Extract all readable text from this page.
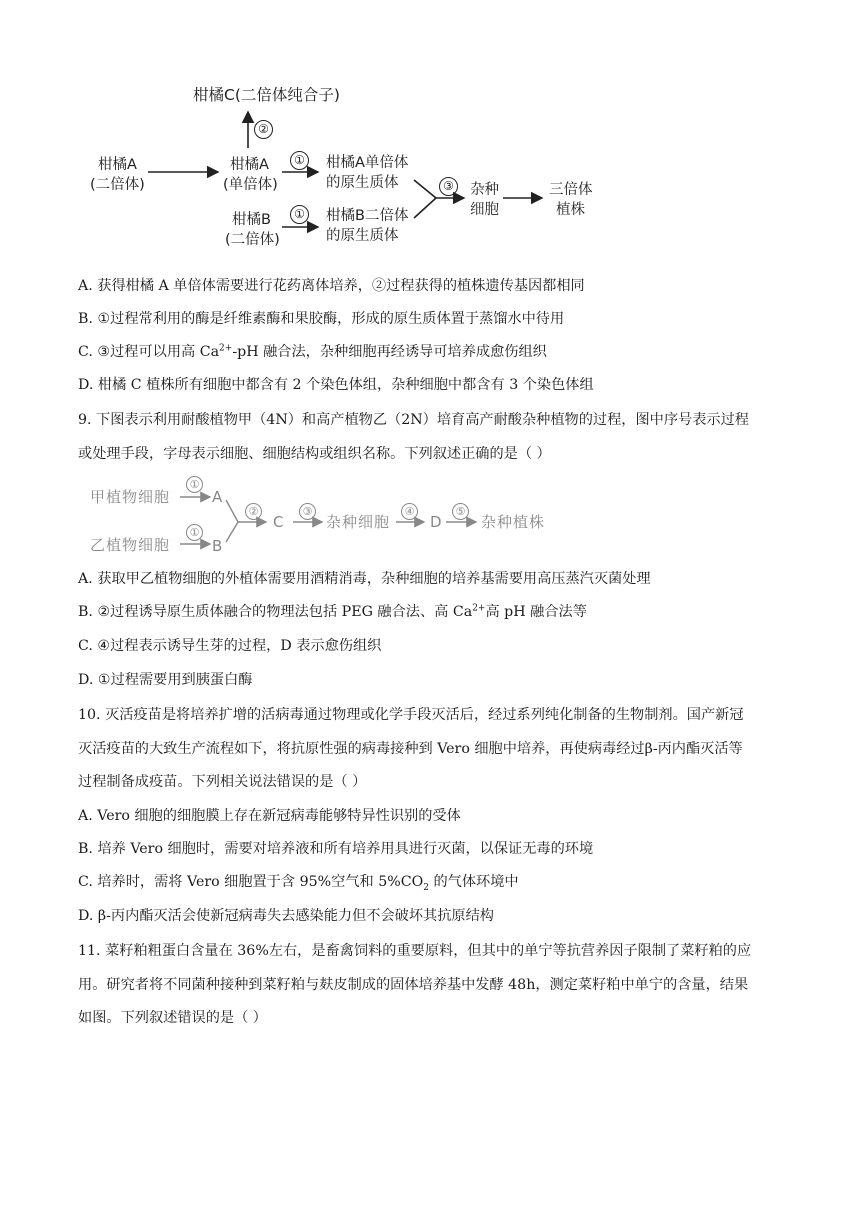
柑橘C(二倍体纯合子)
②
柑橘A
(二倍体)
柑橘A
(单倍体)
① 柑橘A单倍体
的原生质体
柑橘B
(二倍体)
① 柑橘B二倍体
的原生质体
③ 杂种
细胞
三倍体
植株
A. 获得柑橘 A 单倍体需要进行花药离体培养，②过程获得的植株遗传基因都相同
B. ①过程常利用的酶是纤维素酶和果胶酶，形成的原生质体置于蒸馏水中待用
C. ③过程可以用高 $Ca^{2+}-pH$ 融合法，杂种细胞再经诱导可培养成愈伤组织
D. 柑橘 C 植株所有细胞中都含有 2 个染色体组，杂种细胞中都含有 3 个染色体组
9. 下图表示利用耐酸植物甲（4N）和高产植物乙（2N）培育高产耐酸杂种植物的过程，图中序号表示过程
或处理手段，字母表示细胞、细胞结构或组织名称。下列叙述正确的是（ ）
甲植物细胞
①
A
乙植物细胞
①
B
②
C
③
杂种细胞
④
D
⑤
杂种植株
A. 获取甲乙植物细胞的外植体需要用酒精消毒，杂种细胞的培养基需要用高压蒸汽灭菌处理
B. ②过程诱导原生质体融合的物理法包括 PEG 融合法、高 $Ca^{2+}$高 pH 融合法等
C. ④过程表示诱导生芽的过程，D 表示愈伤组织
D. ①过程需要用到胰蛋白酶
10. 灭活疫苗是将培养扩增的活病毒通过物理或化学手段灭活后，经过系列纯化制备的生物制剂。国产新冠
灭活疫苗的大致生产流程如下，将抗原性强的病毒接种到 Vero 细胞中培养，再使病毒经过β-丙内酯灭活等
过程制备成疫苗。下列相关说法错误的是（ ）
A. Vero 细胞的细胞膜上存在新冠病毒能够特异性识别的受体
B. 培养 Vero 细胞时，需要对培养液和所有培养用具进行灭菌，以保证无毒的环境
C. 培养时，需将 Vero 细胞置于含 95%空气和 $5\%CO_2$ 的气体环境中
D. β-丙内酯灭活会使新冠病毒失去感染能力但不会破坏其抗原结构
11. 菜籽粕粗蛋白含量在 36%左右，是畜禽饲料的重要原料，但其中的单宁等抗营养因子限制了菜籽粕的应
用。研究者将不同菌种接种到菜籽粕与麸皮制成的固体培养基中发酵 48h，测定菜籽粕中单宁的含量，结果
如图。下列叙述错误的是（ ）
